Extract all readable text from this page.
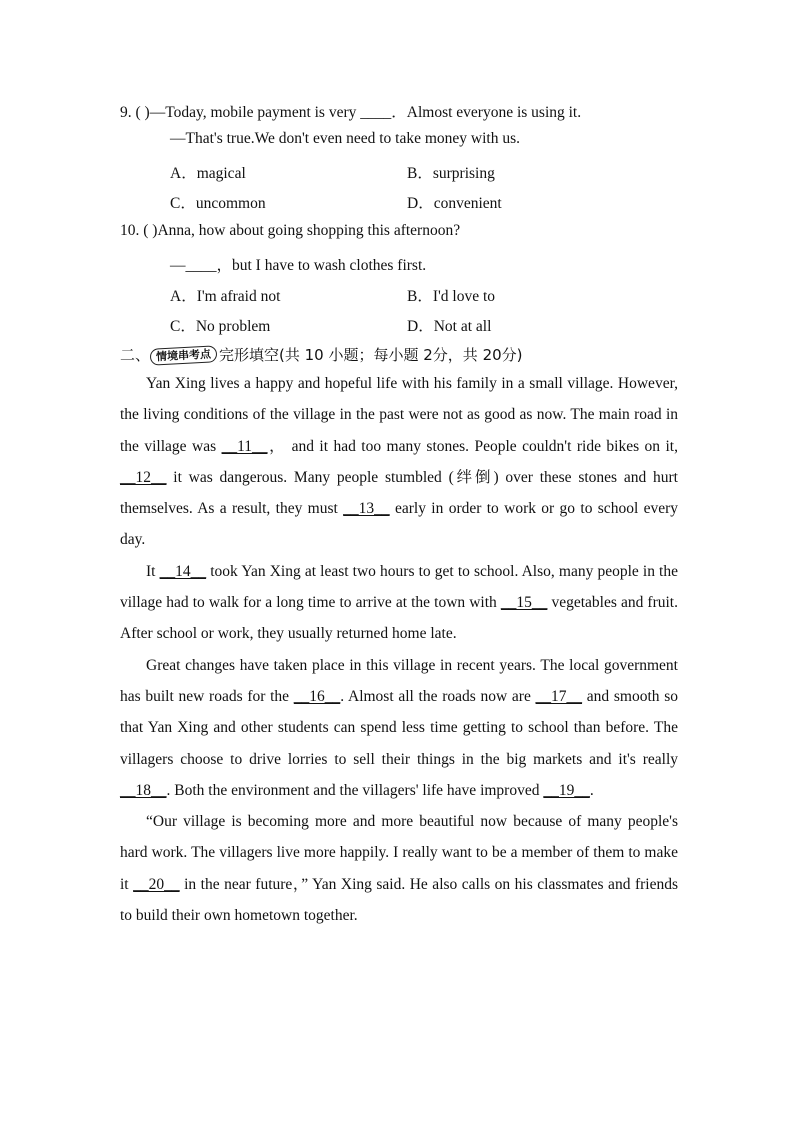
9. ( )—Today, mobile payment is very ____．Almost everyone is using it.
—That's true.We don't even need to take money with us.
A．magical	B．surprising
C．uncommon	D．convenient
10. ( )Anna, how about going shopping this afternoon?
—____，but I have to wash clothes first.
A．I'm afraid not	B．I'd love to
C．No problem	D．Not at all
二、 情境串考点 完形填空(共 10 小题；每小题 2分，共 20分)

Yan Xing lives a happy and hopeful life with his family in a small village. However, the living conditions of the village in the past were not as good as now. The main road in the village was __11__， and it had too many stones. People couldn't ride bikes on it, __12__ it was dangerous. Many people stumbled (绊倒) over these stones and hurt themselves. As a result, they must __13__ early in order to work or go to school every day.

It __14__ took Yan Xing at least two hours to get to school. Also, many people in the village had to walk for a long time to arrive at the town with __15__ vegetables and fruit. After school or work, they usually returned home late.

Great changes have taken place in this village in recent years. The local government has built new roads for the __16__. Almost all the roads now are __17__ and smooth so that Yan Xing and other students can spend less time getting to school than before. The villagers choose to drive lorries to sell their things in the big markets and it's really __18__. Both the environment and the villagers' life have improved __19__.

“Our village is becoming more and more beautiful now because of many people's hard work. The villagers live more happily. I really want to be a member of them to make it __20__ in the near future，” Yan Xing said. He also calls on his classmates and friends to build their own hometown together.
